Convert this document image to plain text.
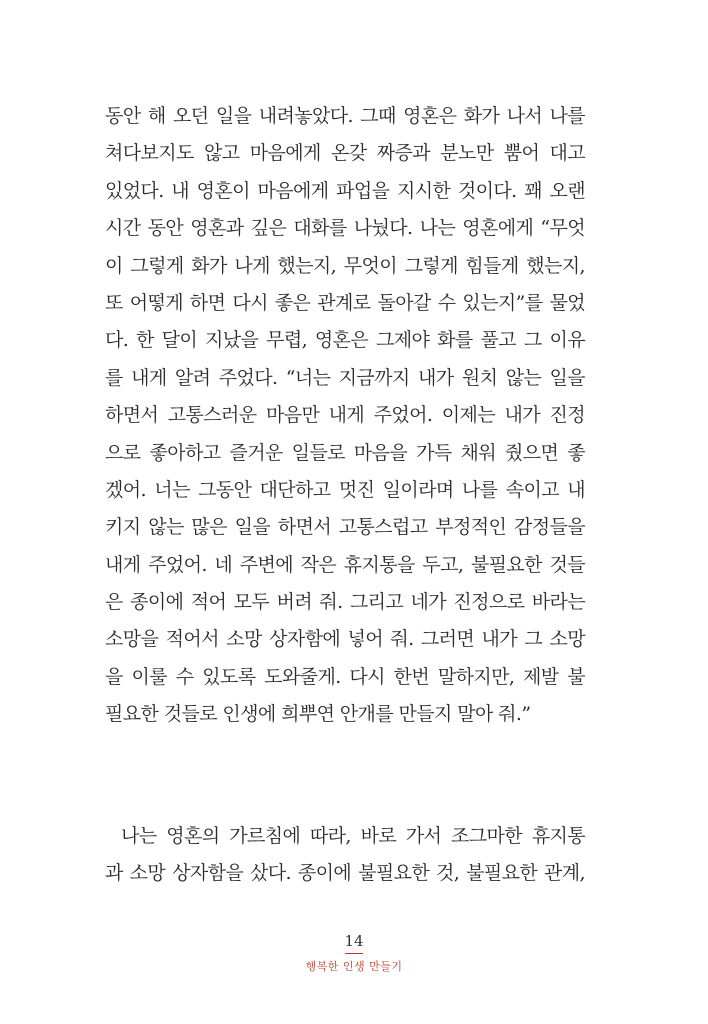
동안 해 오던 일을 내려놓았다. 그때 영혼은 화가 나서 나를
쳐다보지도 않고 마음에게 온갖 짜증과 분노만 뿜어 대고
있었다. 내 영혼이 마음에게 파업을 지시한 것이다. 꽤 오랜
시간 동안 영혼과 깊은 대화를 나눴다. 나는 영혼에게 “무엇
이 그렇게 화가 나게 했는지, 무엇이 그렇게 힘들게 했는지,
또 어떻게 하면 다시 좋은 관계로 돌아갈 수 있는지”를 물었
다. 한 달이 지났을 무렵, 영혼은 그제야 화를 풀고 그 이유
를 내게 알려 주었다. “너는 지금까지 내가 원치 않는 일을
하면서 고통스러운 마음만 내게 주었어. 이제는 내가 진정
으로 좋아하고 즐거운 일들로 마음을 가득 채워 줬으면 좋
겠어. 너는 그동안 대단하고 멋진 일이라며 나를 속이고 내
키지 않는 많은 일을 하면서 고통스럽고 부정적인 감정들을
내게 주었어. 네 주변에 작은 휴지통을 두고, 불필요한 것들
은 종이에 적어 모두 버려 줘. 그리고 네가 진정으로 바라는
소망을 적어서 소망 상자함에 넣어 줘. 그러면 내가 그 소망
을 이룰 수 있도록 도와줄게. 다시 한번 말하지만, 제발 불
필요한 것들로 인생에 희뿌연 안개를 만들지 말아 줘.”
나는 영혼의 가르침에 따라, 바로 가서 조그마한 휴지통
과 소망 상자함을 샀다. 종이에 불필요한 것, 불필요한 관계,
14
행복한 인생 만들기
